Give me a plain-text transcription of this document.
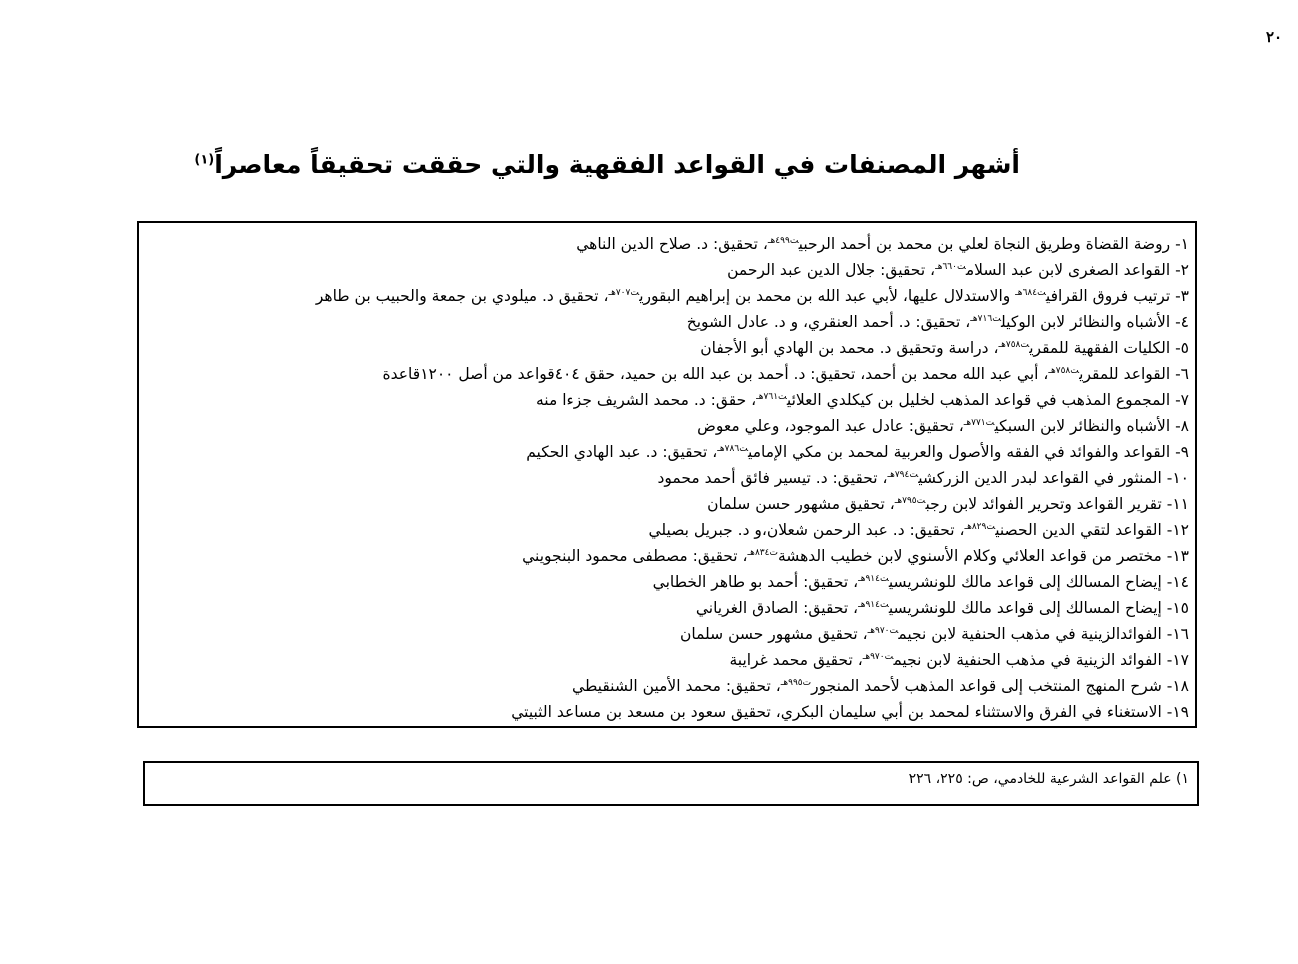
٢٠
أشهر المصنفات في القواعد الفقهية والتي حققت تحقيقاً معاصراً$^{(١)}$
١- روضة القضاة وطريق النجاة لعلي بن محمد بن أحمد الرحبي$^{ت٤٩٩هـ}$، تحقيق: د. صلاح الدين الناهي
٢- القواعد الصغرى لابن عبد السلام$^{ت٦٦٠هـ}$، تحقيق: جلال الدين عبد الرحمن
٣- ترتيب فروق القرافي$^{ت٦٨٤هـ}$ والاستدلال عليها، لأبي عبد الله بن محمد بن إبراهيم البقوري$^{ت٧٠٧هـ}$، تحقيق د. ميلودي بن جمعة والحبيب بن طاهر
٤- الأشباه والنظائر لابن الوكيل$^{ت٧١٦هـ}$، تحقيق: د. أحمد العنقري، و د. عادل الشويخ
٥- الكليات الفقهية للمقري$^{ت٧٥٨هـ}$، دراسة وتحقيق د. محمد بن الهادي أبو الأجفان
٦- القواعد للمقري$^{ت٧٥٨هـ}$، أبي عبد الله محمد بن أحمد، تحقيق: د. أحمد بن عبد الله بن حميد، حقق ٤٠٤قواعد من أصل ١٢٠٠قاعدة
٧- المجموع المذهب في قواعد المذهب لخليل بن كيكلدي العلائي$^{ت٧٦١هـ}$، حقق: د. محمد الشريف جزءا منه
٨- الأشباه والنظائر لابن السبكي$^{ت٧٧١هـ}$، تحقيق: عادل عبد الموجود، وعلي معوض
٩- القواعد والفوائد في الفقه والأصول والعربية لمحمد بن مكي الإمامي$^{ت٧٨٦هـ}$، تحقيق: د. عبد الهادي الحكيم
١٠- المنثور في القواعد لبدر الدين الزركشي$^{ت٧٩٤هـ}$، تحقيق: د. تيسير فائق أحمد محمود
١١- تقرير القواعد وتحرير الفوائد لابن رجب$^{ت٧٩٥هـ}$، تحقيق مشهور حسن سلمان
١٢- القواعد لتقي الدين الحصني$^{ت٨٢٩هـ}$، تحقيق: د. عبد الرحمن شعلان،و د. جبريل بصيلي
١٣- مختصر من قواعد العلائي وكلام الأسنوي لابن خطيب الدهشة$^{ت٨٣٤هـ}$، تحقيق: مصطفى محمود البنجويني
١٤- إيضاح المسالك إلى قواعد مالك للونشريسي$^{ت٩١٤هـ}$، تحقيق: أحمد بو طاهر الخطابي
١٥- إيضاح المسالك إلى قواعد مالك للونشريسي$^{ت٩١٤هـ}$، تحقيق: الصادق الغرياني
١٦- الفوائدالزينية في مذهب الحنفية لابن نجيم$^{ت٩٧٠هـ}$، تحقيق مشهور حسن سلمان
١٧- الفوائد الزينية في مذهب الحنفية لابن نجيم$^{ت٩٧٠هـ}$، تحقيق محمد غرايبة
١٨- شرح المنهج المنتخب إلى قواعد المذهب لأحمد المنجور$^{ت٩٩٥هـ}$، تحقيق: محمد الأمين الشنقيطي
١٩- الاستغناء في الفرق والاستثناء لمحمد بن أبي سليمان البكري، تحقيق سعود بن مسعد بن مساعد الثبيتي
١) علم القواعد الشرعية للخادمي، ص: ٢٢٥، ٢٢٦
